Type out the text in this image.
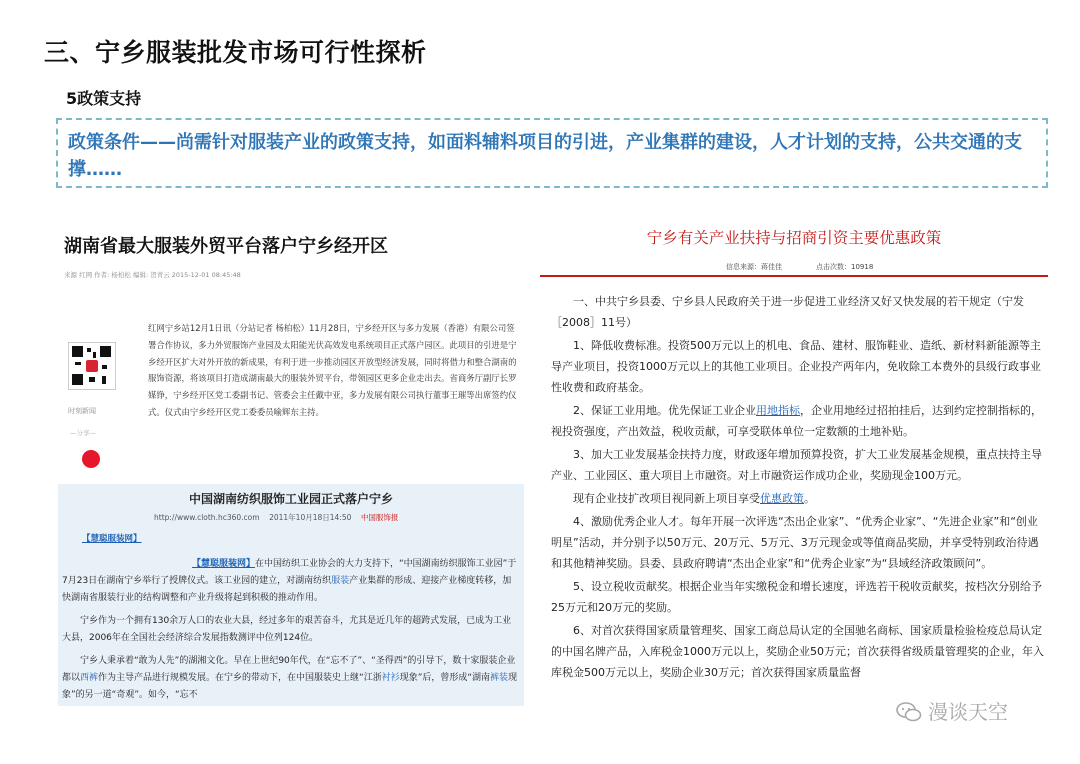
三、宁乡服装批发市场可行性探析
5政策支持
政策条件——尚需针对服装产业的政策支持，如面料辅料项目的引进，产业集群的建设，人才计划的支持，公共交通的支撑……
湖南省最大服装外贸平台落户宁乡经开区
来源 红网 作者: 杨柏松 编辑: 贺青云 2015-12-01 08:45:48
时刻新闻
—分享—
红网宁乡站12月1日讯（分站记者 杨柏松）11月28日，宁乡经开区与多力发展（香港）有限公司签署合作协议，多力外贸服饰产业园及太阳能光伏高效发电系统项目正式落户园区。此项目的引进是宁乡经开区扩大对外开放的新成果，有利于进一步推动园区开放型经济发展，同时将借力和整合湖南的服饰资源，将该项目打造成湖南最大的服装外贸平台，带领园区更多企业走出去。省商务厅副厅长罗媒铮，宁乡经开区党工委副书记、管委会主任戴中亚，多力发展有限公司执行董事王璀等出席签约仪式。仪式由宁乡经开区党工委委员喻辉东主持。
中国湖南纺织服饰工业园正式落户宁乡
http://www.cloth.hc360.com 2011年10月18日14:50 中国服饰报
【慧聪服装网】

【慧聪服装网】在中国纺织工业协会的大力支持下，“中国湖南纺织服饰工业园”于7月23日在湖南宁乡举行了授牌仪式。该工业园的建立，对湖南纺织服装产业集群的形成、迎接产业梯度转移，加快湖南省服装行业的结构调整和产业升级将起到积极的推动作用。

宁乡作为一个拥有130余万人口的农业大县，经过多年的艰苦奋斗，尤其是近几年的超跨式发展，已成为工业大县，2006年在全国社会经济综合发展指数测评中位列124位。

宁乡人秉承着“敢为人先”的湖湘文化。早在上世纪90年代，在“忘不了”、“圣得西”的引导下，数十家服装企业都以西裤作为主导产品进行规模发展。在宁乡的带动下，在中国服装史上继“江浙衬衫现象”后，曾形成“湖南裤装现象”的另一道“奇观”。如今，“忘不

宁乡有关产业扶持与招商引资主要优惠政策
信息来源：蒋佳佳	点击次数：10918

一、中共宁乡县委、宁乡县人民政府关于进一步促进工业经济又好又快发展的若干规定（宁发［2008］11号）

1、降低收费标准。投资500万元以上的机电、食品、建材、服饰鞋业、造纸、新材料新能源等主导产业项目，投资1000万元以上的其他工业项目。企业投产两年内，免收除工本费外的县级行政事业性收费和政府基金。

2、保证工业用地。优先保证工业企业用地指标，企业用地经过招拍挂后，达到约定控制指标的，视投资强度，产出效益，税收贡献，可享受联体单位一定数额的土地补贴。

3、加大工业发展基金扶持力度，财政逐年增加预算投资，扩大工业发展基金规模，重点扶持主导产业、工业园区、重大项目上市融资。对上市融资运作成功企业，奖励现金100万元。

现有企业技扩改项目视同新上项目享受优惠政策。

4、激励优秀企业人才。每年开展一次评选“杰出企业家”、“优秀企业家”、“先进企业家”和“创业明星”活动，并分别予以50万元、20万元、5万元、3万元现金或等值商品奖励，并享受特别政治待遇和其他精神奖励。县委、县政府聘请“杰出企业家”和“优秀企业家”为“县域经济政策顾问”。

5、设立税收贡献奖。根据企业当年实缴税金和增长速度，评选若干税收贡献奖，按档次分别给予25万元和20万元的奖励。

6、对首次获得国家质量管理奖、国家工商总局认定的全国驰名商标、国家质量检验检疫总局认定的中国名牌产品，入库税金1000万元以上，奖励企业50万元；首次获得省级质量管理奖的企业，年入库税金500万元以上，奖励企业30万元；首次获得国家质量监督

漫谈天空
